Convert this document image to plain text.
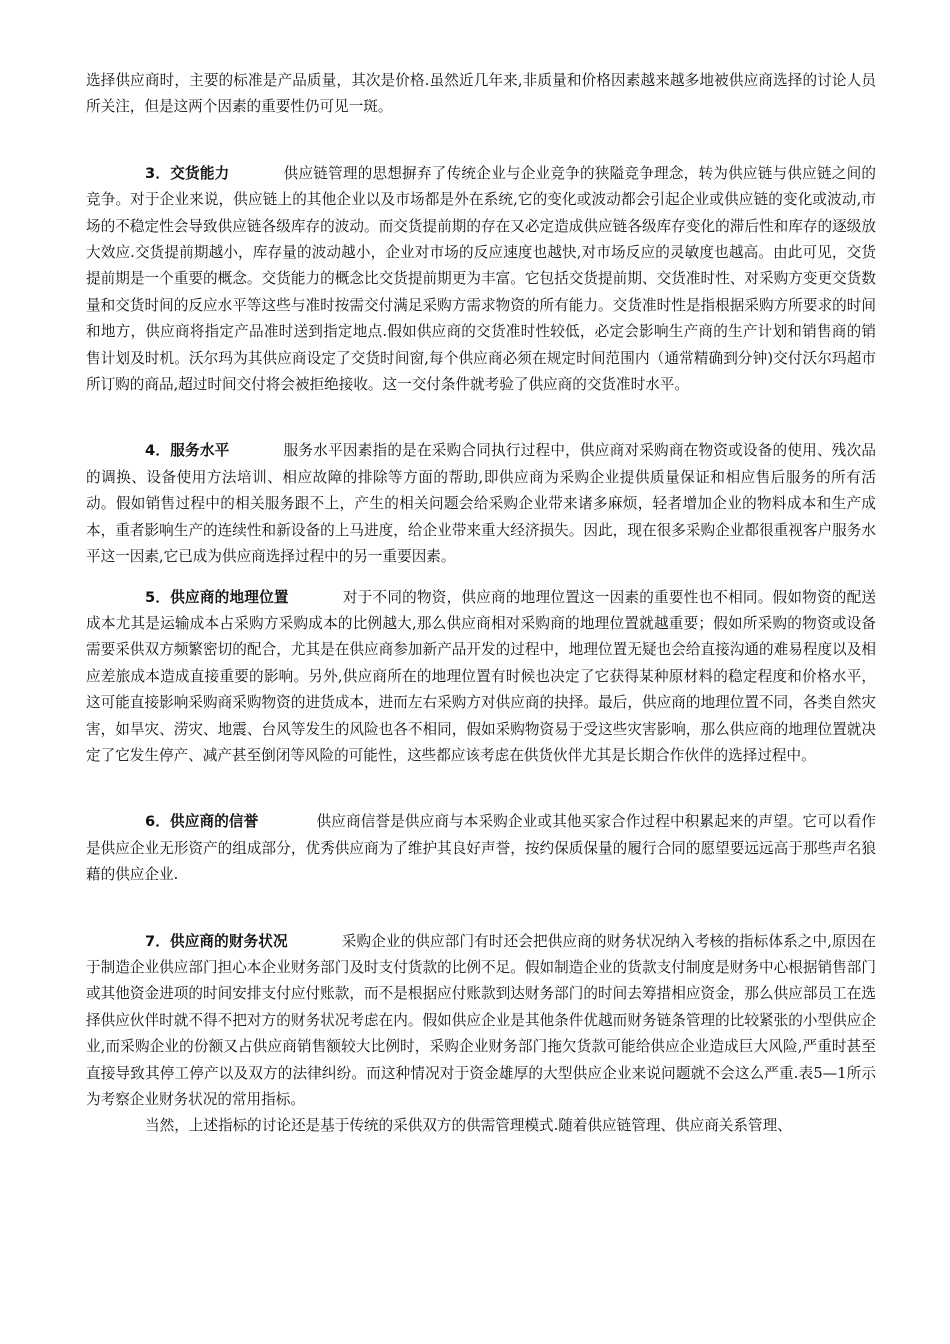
选择供应商时，主要的标准是产品质量，其次是价格.虽然近几年来,非质量和价格因素越来越多地被供应商选择的讨论人员所关注，但是这两个因素的重要性仍可见一斑。

3．交货能力	供应链管理的思想摒弃了传统企业与企业竞争的狭隘竞争理念，转为供应链与供应链之间的竞争。对于企业来说，供应链上的其他企业以及市场都是外在系统,它的变化或波动都会引起企业或供应链的变化或波动,市场的不稳定性会导致供应链各级库存的波动。而交货提前期的存在又必定造成供应链各级库存变化的滞后性和库存的逐级放大效应.交货提前期越小，库存量的波动越小，企业对市场的反应速度也越快,对市场反应的灵敏度也越高。由此可见，交货提前期是一个重要的概念。交货能力的概念比交货提前期更为丰富。它包括交货提前期、交货准时性、对采购方变更交货数量和交货时间的反应水平等这些与准时按需交付满足采购方需求物资的所有能力。交货准时性是指根据采购方所要求的时间和地方，供应商将指定产品准时送到指定地点.假如供应商的交货准时性较低，必定会影响生产商的生产计划和销售商的销售计划及时机。沃尔玛为其供应商设定了交货时间窗,每个供应商必须在规定时间范围内（通常精确到分钟)交付沃尔玛超市所订购的商品,超过时间交付将会被拒绝接收。这一交付条件就考验了供应商的交货准时水平。

4．服务水平	服务水平因素指的是在采购合同执行过程中，供应商对采购商在物资或设备的使用、残次品的调换、设备使用方法培训、相应故障的排除等方面的帮助,即供应商为采购企业提供质量保证和相应售后服务的所有活动。假如销售过程中的相关服务跟不上，产生的相关问题会给采购企业带来诸多麻烦，轻者增加企业的物料成本和生产成本，重者影响生产的连续性和新设备的上马进度，给企业带来重大经济损失。因此，现在很多采购企业都很重视客户服务水平这一因素,它已成为供应商选择过程中的另一重要因素。

5．供应商的地理位置	对于不同的物资，供应商的地理位置这一因素的重要性也不相同。假如物资的配送成本尤其是运输成本占采购方采购成本的比例越大,那么供应商相对采购商的地理位置就越重要；假如所采购的物资或设备需要采供双方频繁密切的配合，尤其是在供应商参加新产品开发的过程中，地理位置无疑也会给直接沟通的难易程度以及相应差旅成本造成直接重要的影响。另外,供应商所在的地理位置有时候也决定了它获得某种原材料的稳定程度和价格水平，这可能直接影响采购商采购物资的进货成本，进而左右采购方对供应商的抉择。最后，供应商的地理位置不同，各类自然灾害，如旱灾、涝灾、地震、台风等发生的风险也各不相同，假如采购物资易于受这些灾害影响，那么供应商的地理位置就决定了它发生停产、减产甚至倒闭等风险的可能性，这些都应该考虑在供货伙伴尤其是长期合作伙伴的选择过程中。

6．供应商的信誉	供应商信誉是供应商与本采购企业或其他买家合作过程中积累起来的声望。它可以看作是供应企业无形资产的组成部分，优秀供应商为了维护其良好声誉，按约保质保量的履行合同的愿望要远远高于那些声名狼藉的供应企业.

7．供应商的财务状况	采购企业的供应部门有时还会把供应商的财务状况纳入考核的指标体系之中,原因在于制造企业供应部门担心本企业财务部门及时支付货款的比例不足。假如制造企业的货款支付制度是财务中心根据销售部门或其他资金进项的时间安排支付应付账款，而不是根据应付账款到达财务部门的时间去筹措相应资金，那么供应部员工在选择供应伙伴时就不得不把对方的财务状况考虑在内。假如供应企业是其他条件优越而财务链条管理的比较紧张的小型供应企业,而采购企业的份额又占供应商销售额较大比例时，采购企业财务部门拖欠货款可能给供应企业造成巨大风险,严重时甚至直接导致其停工停产以及双方的法律纠纷。而这种情况对于资金雄厚的大型供应企业来说问题就不会这么严重.表5—1所示为考察企业财务状况的常用指标。

当然，上述指标的讨论还是基于传统的采供双方的供需管理模式.随着供应链管理、供应商关系管理、
